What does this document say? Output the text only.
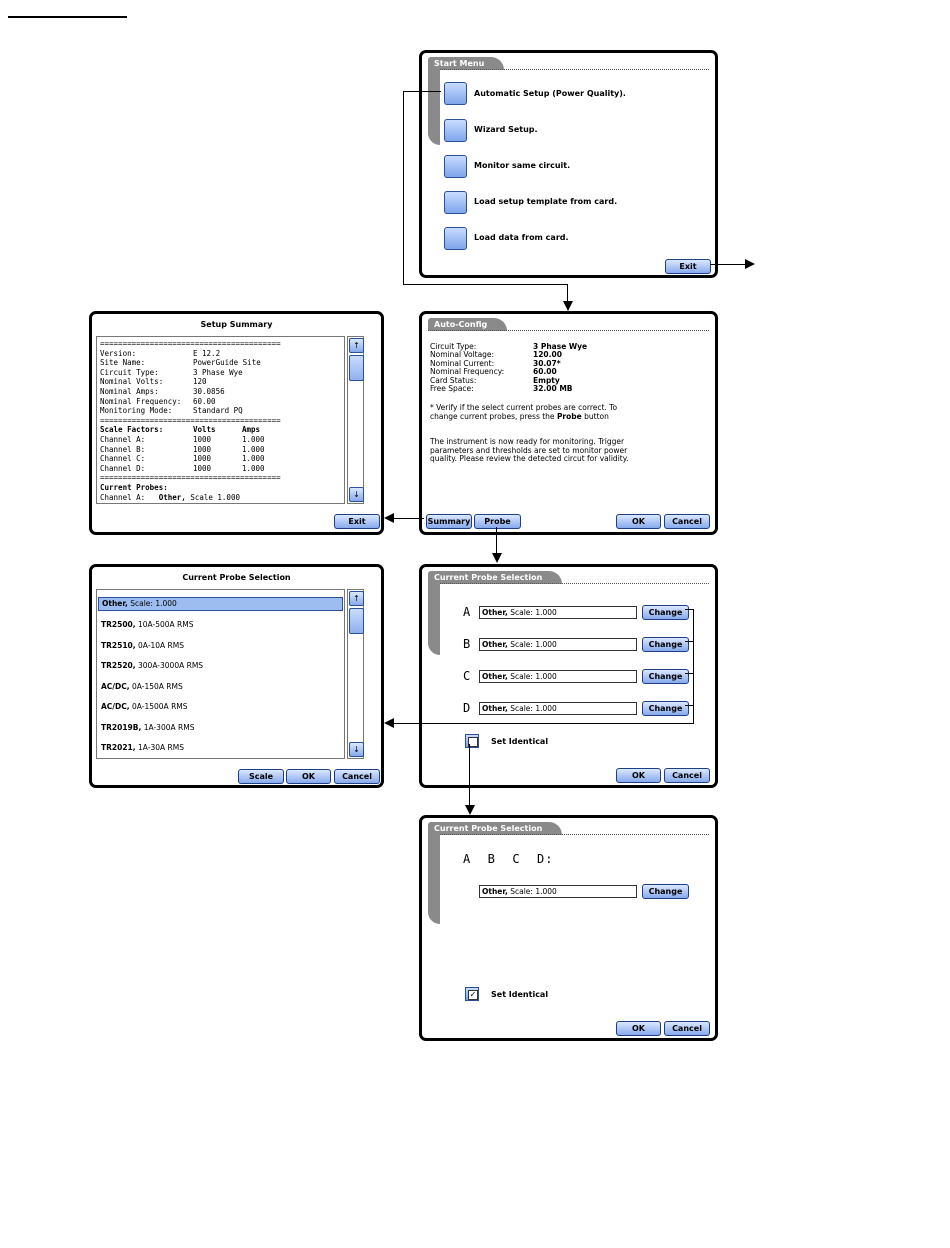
Start Menu
Automatic Setup (Power Quality).
Wizard Setup.
Monitor same circuit.
Load setup template from card.
Load data from card.
Exit
Auto-Config
Circuit Type:	3 Phase Wye
Nominal Voltage:	120.00
Nominal Current:	30.07*
Nominal Frequency:	60.00
Card Status:	Empty
Free Space:	32.00 MB
* Verify if the select current probes are correct. To
change current probes, press the Probe button
The instrument is now ready for monitoring. Trigger
parameters and thresholds are set to monitor power
quality. Please review the detected circut for validity.
Summary	Probe	OK	Cancel
Setup Summary
========================================
Version:	E 12.2
Site Name:	PowerGuide Site
Circuit Type:	3 Phase Wye
Nominal Volts:	120
Nominal Amps:	30.0856
Nominal Frequency: 60.00
Monitoring Mode:	Standard PQ
========================================
Scale Factors:	Volts	Amps
Channel A:	1000	1.000
Channel B:	1000	1.000
Channel C:	1000	1.000
Channel D:	1000	1.000
========================================
Current Probes:
Channel A: Other, Scale 1.000
↑
↓
Exit
Current Probe Selection
A	Other, Scale: 1.000	Change
B	Other, Scale: 1.000	Change
C	Other, Scale: 1.000	Change
D	Other, Scale: 1.000	Change
Set Identical
OK	Cancel
Current Probe Selection
Other, Scale: 1.000
TR2500, 10A-500A RMS
TR2510, 0A-10A RMS
TR2520, 300A-3000A RMS
AC/DC, 0A-150A RMS
AC/DC, 0A-1500A RMS
TR2019B, 1A-300A RMS
TR2021, 1A-30A RMS
↑
↓
Scale	OK	Cancel
Current Probe Selection
A  B  C  D:
Other, Scale: 1.000	Change
✓ Set Identical
OK	Cancel
